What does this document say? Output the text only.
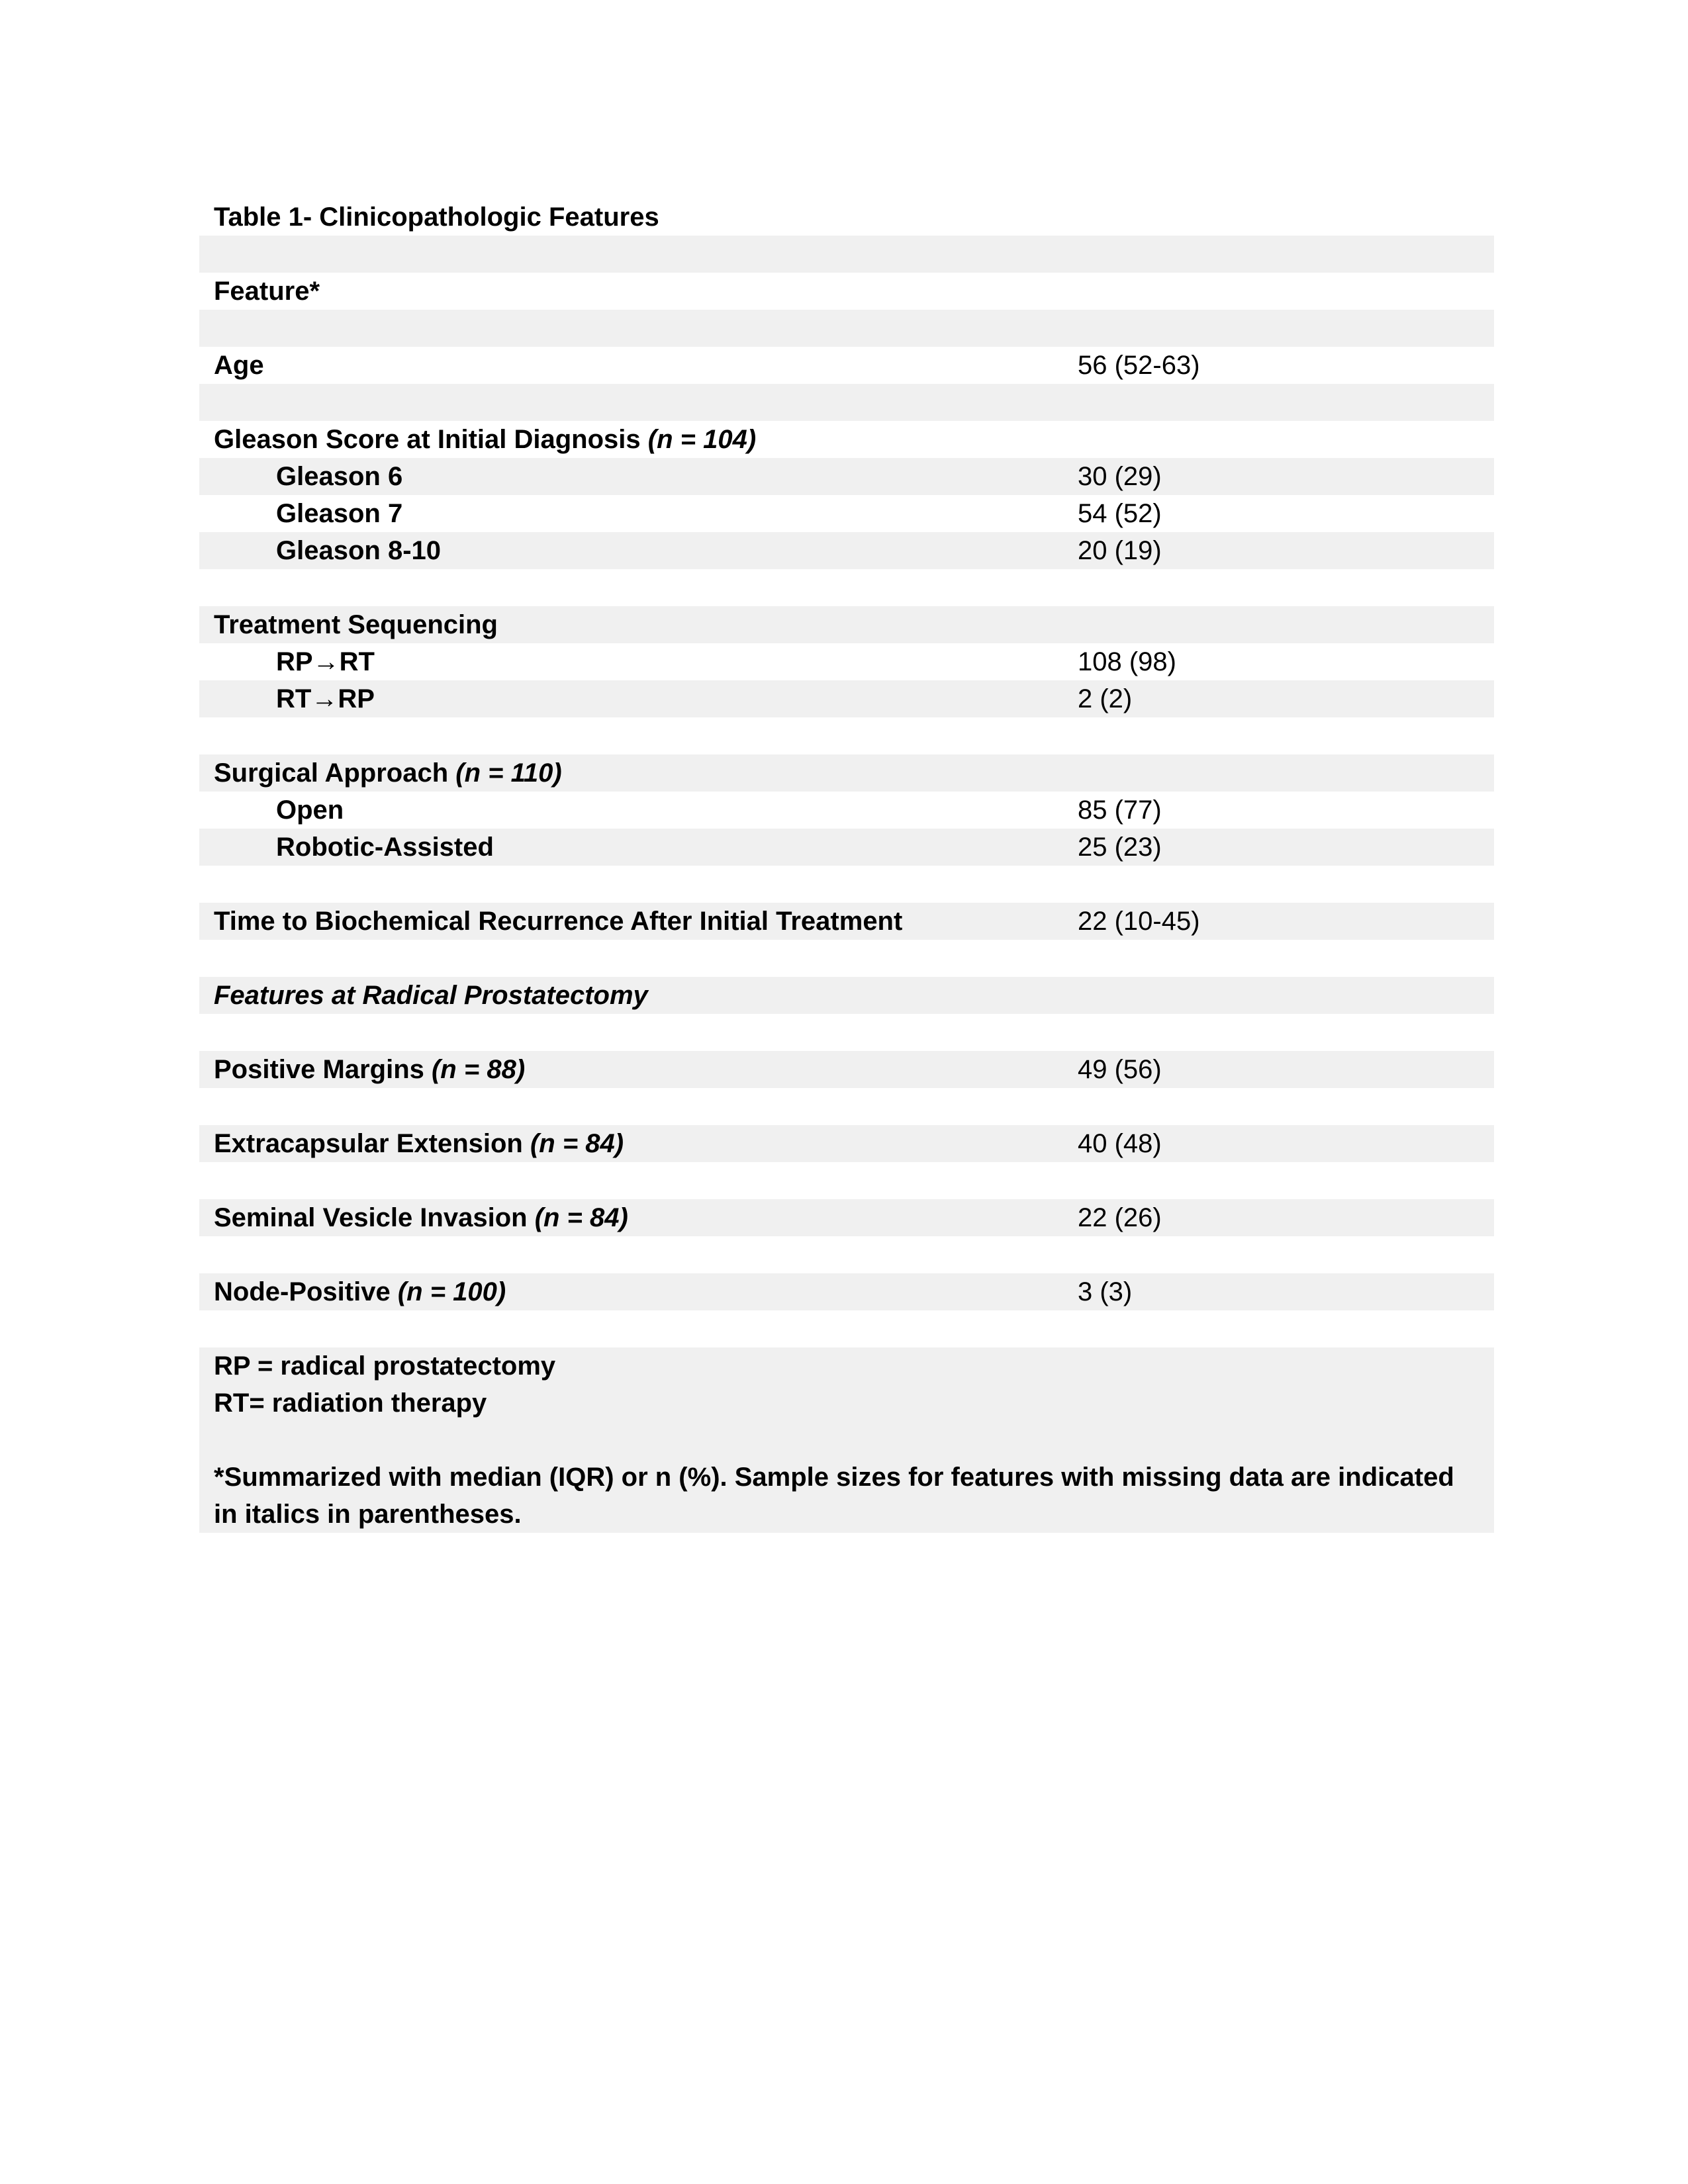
Table 1- Clinicopathologic Features
Feature*
Age	56 (52-63)
Gleason Score at Initial Diagnosis (n = 104)
Gleason 6	30 (29)
Gleason 7	54 (52)
Gleason 8-10	20 (19)
Treatment Sequencing
RP→RT	108 (98)
RT→RP	2 (2)
Surgical Approach (n = 110)
Open	85 (77)
Robotic-Assisted	25 (23)
Time to Biochemical Recurrence After Initial Treatment	22 (10-45)
Features at Radical Prostatectomy
Positive Margins (n = 88)	49 (56)
Extracapsular Extension (n = 84)	40 (48)
Seminal Vesicle Invasion (n = 84)	22 (26)
Node-Positive (n = 100)	3 (3)
RP = radical prostatectomy
RT= radiation therapy
*Summarized with median (IQR) or n (%). Sample sizes for features with missing data are indicated in italics in parentheses.
